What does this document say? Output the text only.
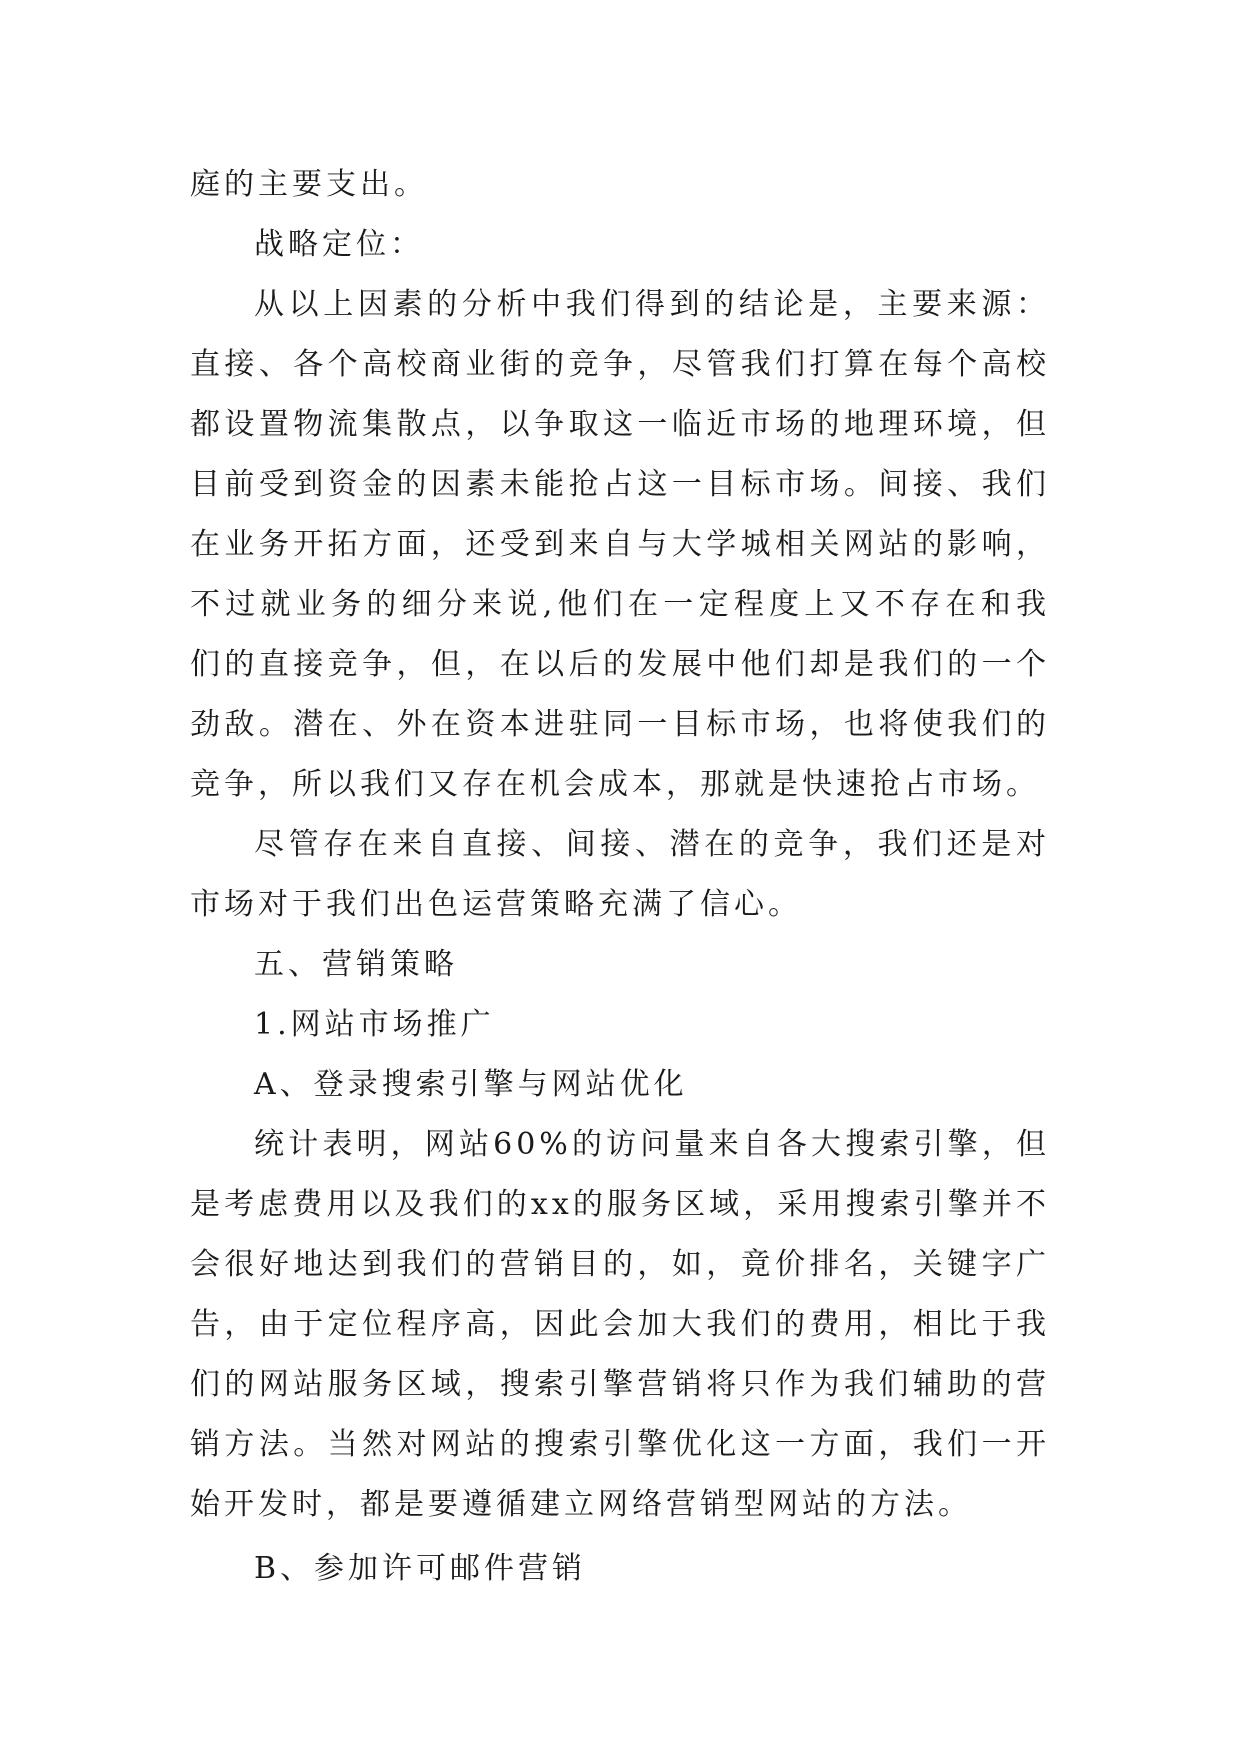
庭的主要支出。

战略定位：

从以上因素的分析中我们得到的结论是，主要来源：直接、各个高校商业街的竞争，尽管我们打算在每个高校都设置物流集散点，以争取这一临近市场的地理环境，但目前受到资金的因素未能抢占这一目标市场。间接、我们在业务开拓方面，还受到来自与大学城相关网站的影响，不过就业务的细分来说,他们在一定程度上又不存在和我们的直接竞争，但，在以后的发展中他们却是我们的一个劲敌。潜在、外在资本进驻同一目标市场，也将使我们的竞争，所以我们又存在机会成本，那就是快速抢占市场。

尽管存在来自直接、间接、潜在的竞争，我们还是对市场对于我们出色运营策略充满了信心。

五、营销策略

1.网站市场推广

A、登录搜索引擎与网站优化

统计表明，网站60%的访问量来自各大搜索引擎，但是考虑费用以及我们的xx的服务区域，采用搜索引擎并不会很好地达到我们的营销目的，如，竟价排名，关键字广告，由于定位程序高，因此会加大我们的费用，相比于我们的网站服务区域，搜索引擎营销将只作为我们辅助的营销方法。当然对网站的搜索引擎优化这一方面，我们一开始开发时，都是要遵循建立网络营销型网站的方法。

B、参加许可邮件营销
